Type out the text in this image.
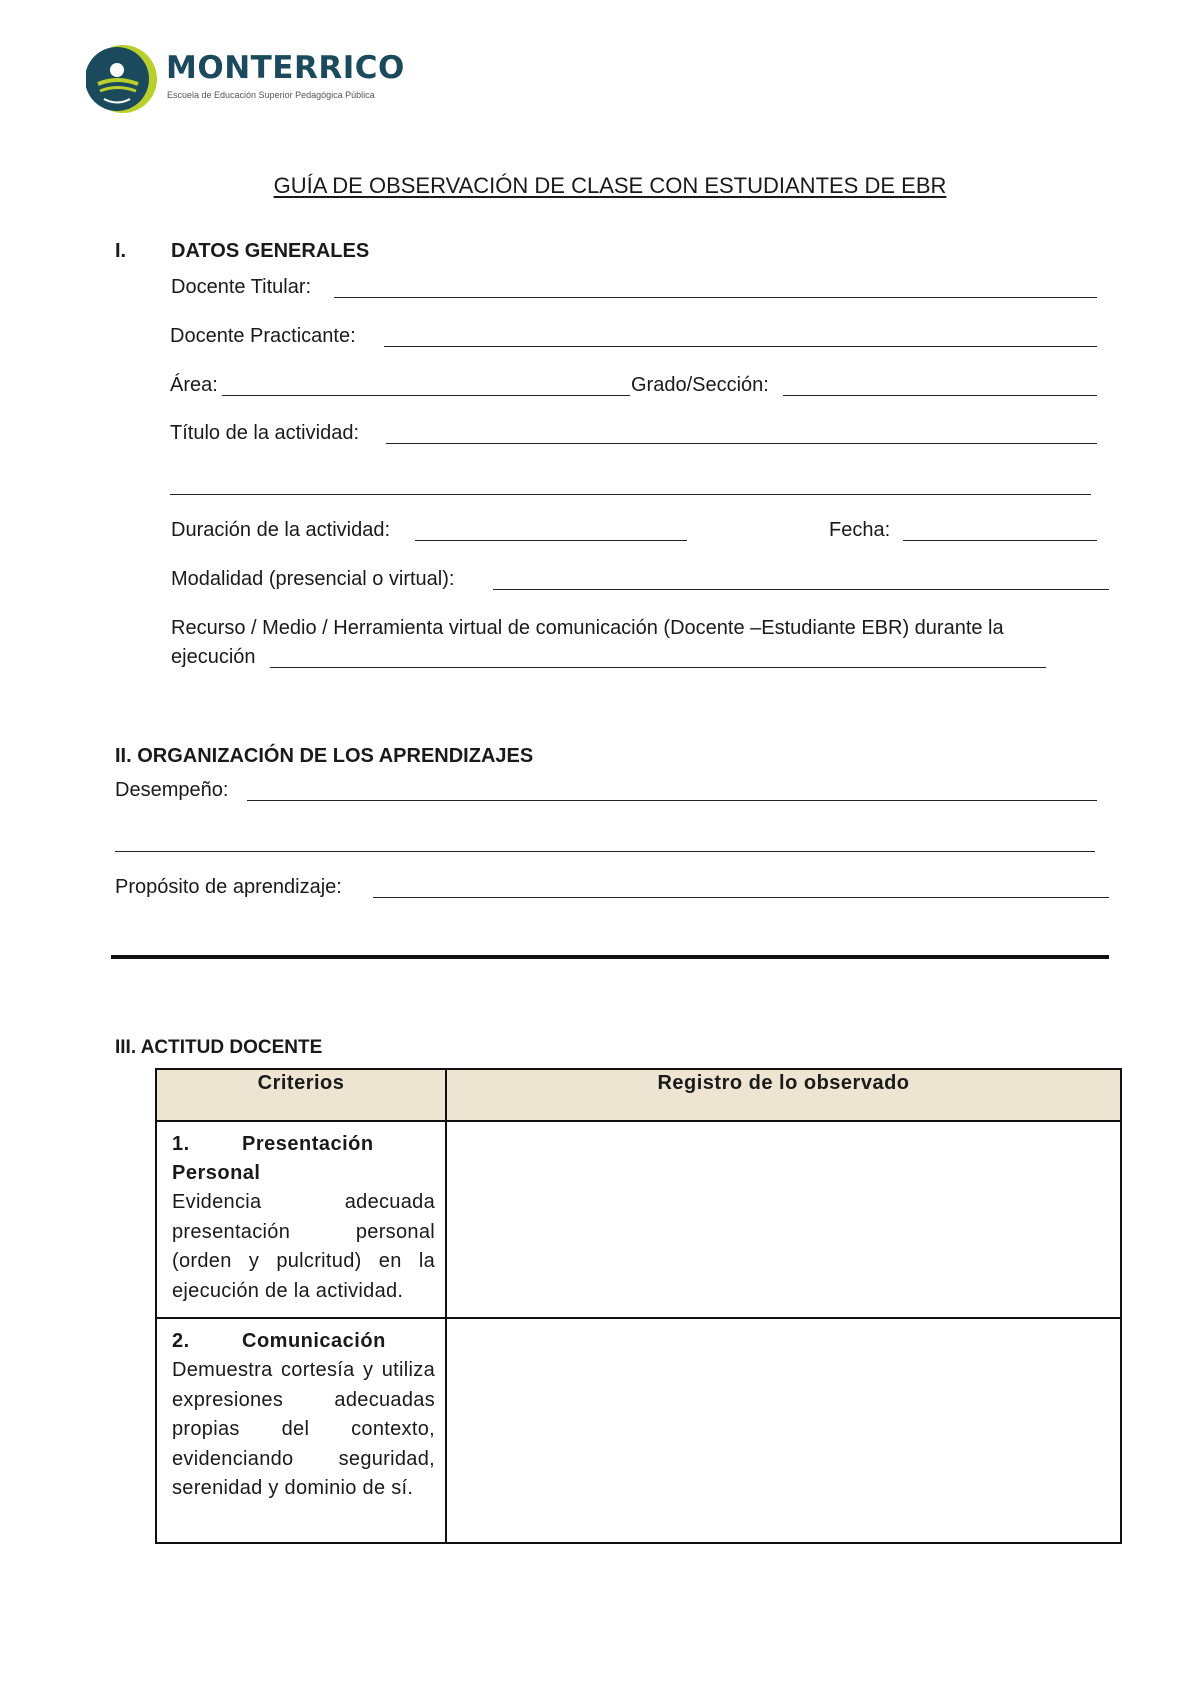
MONTERRICO
Escuela de Educación Superior Pedagógica Pública
GUÍA DE OBSERVACIÓN DE CLASE CON ESTUDIANTES DE EBR
I. DATOS GENERALES
Docente Titular:
Docente Practicante:
Área:	Grado/Sección:
Título de la actividad:
Duración de la actividad:	Fecha:
Modalidad (presencial o virtual):
Recurso / Medio / Herramienta virtual de comunicación (Docente –Estudiante EBR) durante la
ejecución
II. ORGANIZACIÓN DE LOS APRENDIZAJES
Desempeño:
Propósito de aprendizaje:
III. ACTITUD DOCENTE
Criterios	Registro de lo observado

1. Presentación
Personal
Evidencia adecuada presentación personal (orden y pulcritud) en la ejecución de la actividad.	

2. Comunicación
Demuestra cortesía y utiliza expresiones adecuadas propias del contexto, evidenciando seguridad, serenidad y dominio de sí.	
